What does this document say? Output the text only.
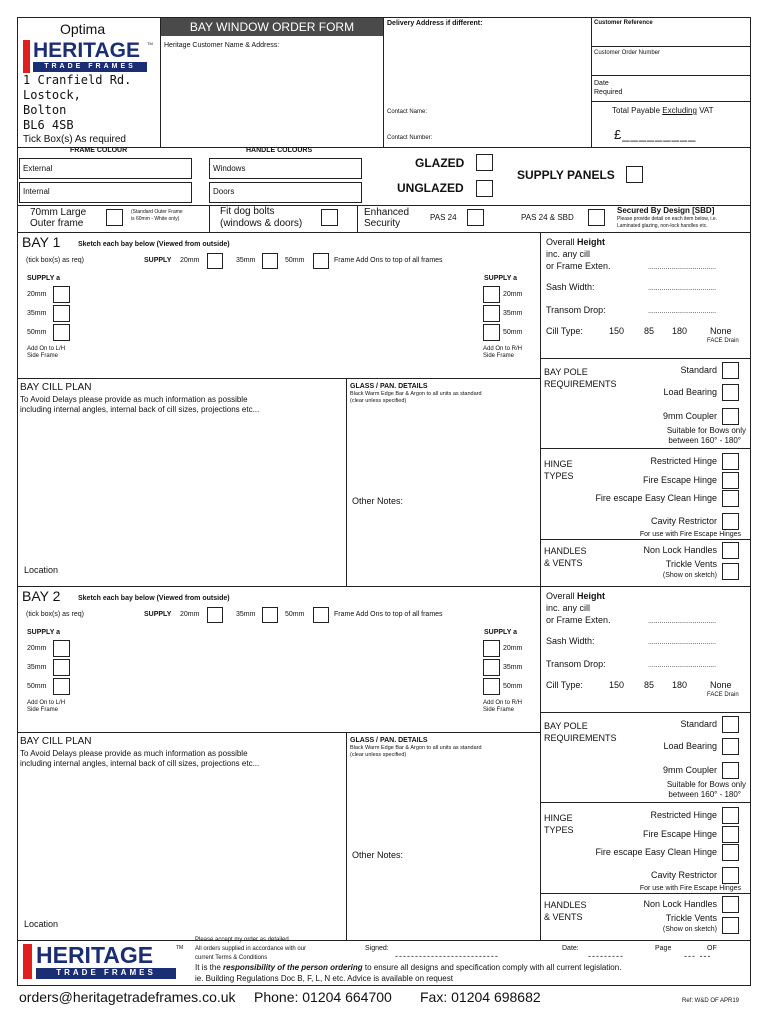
Optima
HERITAGE TM
TRADE FRAMES
1 Cranfield Rd.
Lostock,
Bolton
BL6 4SB
Tick Box(s) As required
BAY WINDOW ORDER FORM
Heritage Customer Name & Address:
Delivery Address if different:
Contact Name:
Contact Number:
Customer Reference
Customer Order Number
Date
Required
Total Payable Excluding VAT
£_________
FRAME COLOUR	HANDLE COLOURS
External
Internal
Windows
Doors
GLAZED
UNGLAZED
SUPPLY PANELS
70mm Large
Outer frame
(Standard Outer Frame
is 60mm - White only)
Fit dog bolts
(windows & doors)
Enhanced
Security
PAS 24	PAS 24 & SBD
Secured By Design [SBD]
Please provide detail on each item below, i.e.
Laminated glazing, non-lock handles etc.
BAY 1	Sketch each bay below (Viewed from outside)
(tick box(s) as req)	SUPPLY 20mm	35mm	50mm	Frame Add Ons to top of all frames
SUPPLY a
20mm
35mm
50mm
Add On to L/H
Side Frame
SUPPLY a
20mm
35mm
50mm
Add On to R/H
Side Frame
BAY CILL PLAN
To Avoid Delays please provide as much information as possible
including internal angles, internal back of cill sizes, projections etc...
Location
GLASS / PAN. DETAILS
Black Warm Edge Bar & Argon to all units as standard
(clear unless specified)
Other Notes:
Overall Height
inc. any cill
or Frame Exten.	...................................
Sash Width:	...................................
Transom Drop:	...................................
Cill Type:	150 85 180	None
FACE Drain
BAY POLE
REQUIREMENTS
Standard
Load Bearing
9mm Coupler
Suitable for Bows only
between 160° - 180°
HINGE
TYPES
Restricted Hinge
Fire Escape Hinge
Fire escape Easy Clean Hinge
Cavity Restrictor
For use with Fire Escape Hinges
HANDLES
& VENTS
Non Lock Handles
Trickle Vents
(Show on sketch)
BAY 2	Sketch each bay below (Viewed from outside)
(tick box(s) as req)	SUPPLY 20mm	35mm	50mm	Frame Add Ons to top of all frames
SUPPLY a
20mm
35mm
50mm
Add On to L/H
Side Frame
SUPPLY a
20mm
35mm
50mm
Add On to R/H
Side Frame
BAY CILL PLAN
To Avoid Delays please provide as much information as possible
including internal angles, internal back of cill sizes, projections etc...
Location
GLASS / PAN. DETAILS
Black Warm Edge Bar & Argon to all units as standard
(clear unless specified)
Other Notes:
Overall Height
inc. any cill
or Frame Exten.	...................................
Sash Width:	...................................
Transom Drop:	...................................
Cill Type:	150 85 180	None
FACE Drain
BAY POLE
REQUIREMENTS
Standard
Load Bearing
9mm Coupler
Suitable for Bows only
between 160° - 180°
HINGE
TYPES
Restricted Hinge
Fire Escape Hinge
Fire escape Easy Clean Hinge
Cavity Restrictor
For use with Fire Escape Hinges
HANDLES
& VENTS
Non Lock Handles
Trickle Vents
(Show on sketch)
HERITAGE	TM
TRADE FRAMES
Please accept my order as detailed.
All orders supplied in accordance with our
current Terms & Conditions
Signed:
--------------------------
Date:
---------
Page	OF
--- ---
It is the responsibility of the person ordering to ensure all designs and specification comply with all current legislation.
ie. Building Regulations Doc B, F, L, N etc. Advice is available on request
orders@heritagetradeframes.co.uk Phone: 01204 664700 Fax: 01204 698682	Ref: W&D OF APR19
